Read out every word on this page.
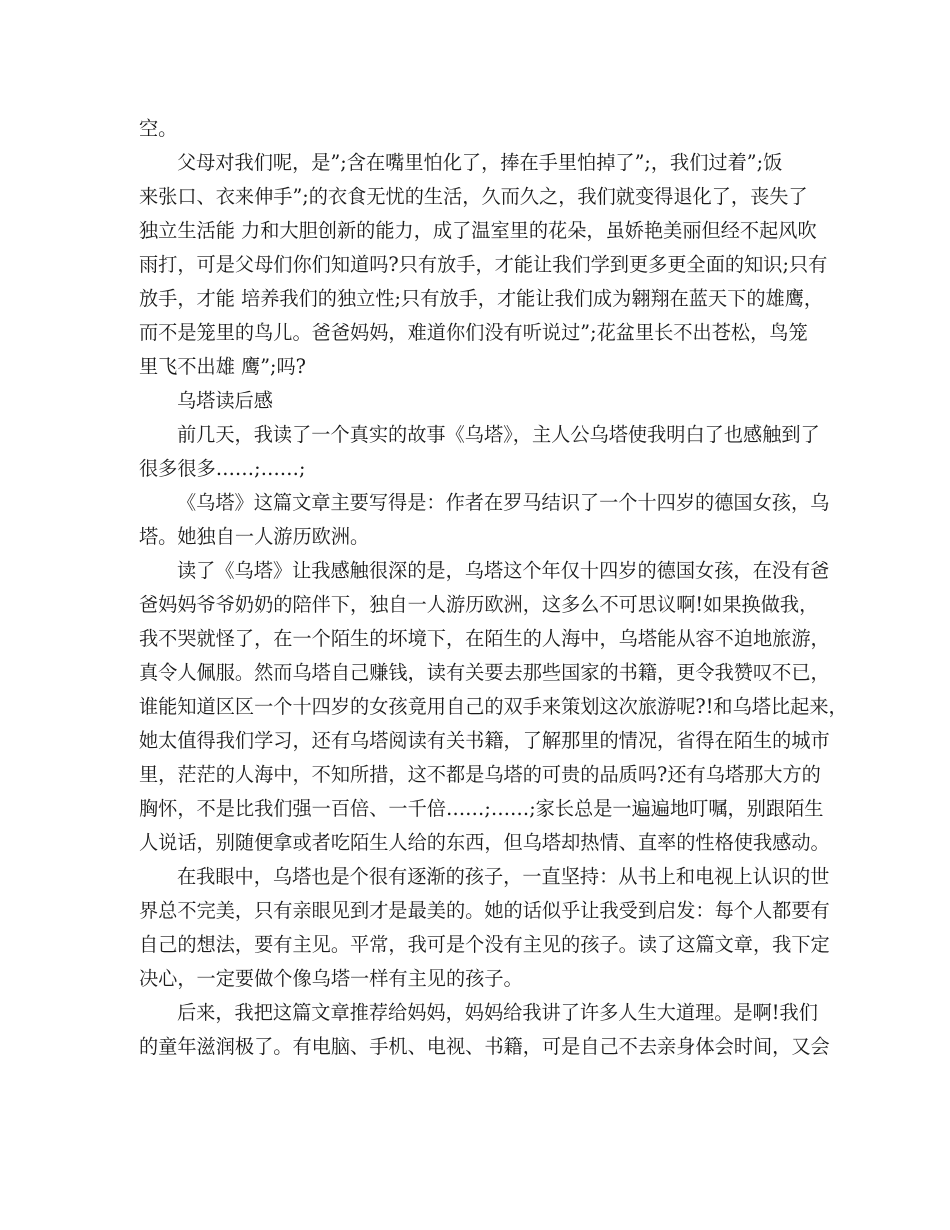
空。
父母对我们呢，是”;含在嘴里怕化了，捧在手里怕掉了”;，我们过着”;饭
来张口、衣来伸手”;的衣食无忧的生活，久而久之，我们就变得退化了，丧失了
独立生活能 力和大胆创新的能力，成了温室里的花朵，虽娇艳美丽但经不起风吹
雨打，可是父母们你们知道吗?只有放手，才能让我们学到更多更全面的知识;只有
放手，才能 培养我们的独立性;只有放手，才能让我们成为翱翔在蓝天下的雄鹰，
而不是笼里的鸟儿。爸爸妈妈，难道你们没有听说过”;花盆里长不出苍松，鸟笼
里飞不出雄 鹰”;吗?
乌塔读后感
前几天，我读了一个真实的故事《乌塔》，主人公乌塔使我明白了也感触到了
很多很多……;……;
《乌塔》这篇文章主要写得是：作者在罗马结识了一个十四岁的德国女孩，乌
塔。她独自一人游历欧洲。
读了《乌塔》让我感触很深的是，乌塔这个年仅十四岁的德国女孩，在没有爸
爸妈妈爷爷奶奶的陪伴下，独自一人游历欧洲，这多么不可思议啊!如果换做我，
我不哭就怪了，在一个陌生的坏境下，在陌生的人海中，乌塔能从容不迫地旅游，
真令人佩服。然而乌塔自己赚钱，读有关要去那些国家的书籍，更令我赞叹不已，
谁能知道区区一个十四岁的女孩竟用自己的双手来策划这次旅游呢?!和乌塔比起来，
她太值得我们学习，还有乌塔阅读有关书籍，了解那里的情况，省得在陌生的城市
里，茫茫的人海中，不知所措，这不都是乌塔的可贵的品质吗?还有乌塔那大方的
胸怀，不是比我们强一百倍、一千倍……;……;家长总是一遍遍地叮嘱，别跟陌生
人说话，别随便拿或者吃陌生人给的东西，但乌塔却热情、直率的性格使我感动。
在我眼中，乌塔也是个很有逐渐的孩子，一直坚持：从书上和电视上认识的世
界总不完美，只有亲眼见到才是最美的。她的话似乎让我受到启发：每个人都要有
自己的想法，要有主见。平常，我可是个没有主见的孩子。读了这篇文章，我下定
决心，一定要做个像乌塔一样有主见的孩子。
后来，我把这篇文章推荐给妈妈，妈妈给我讲了许多人生大道理。是啊!我们
的童年滋润极了。有电脑、手机、电视、书籍，可是自己不去亲身体会时间，又会
